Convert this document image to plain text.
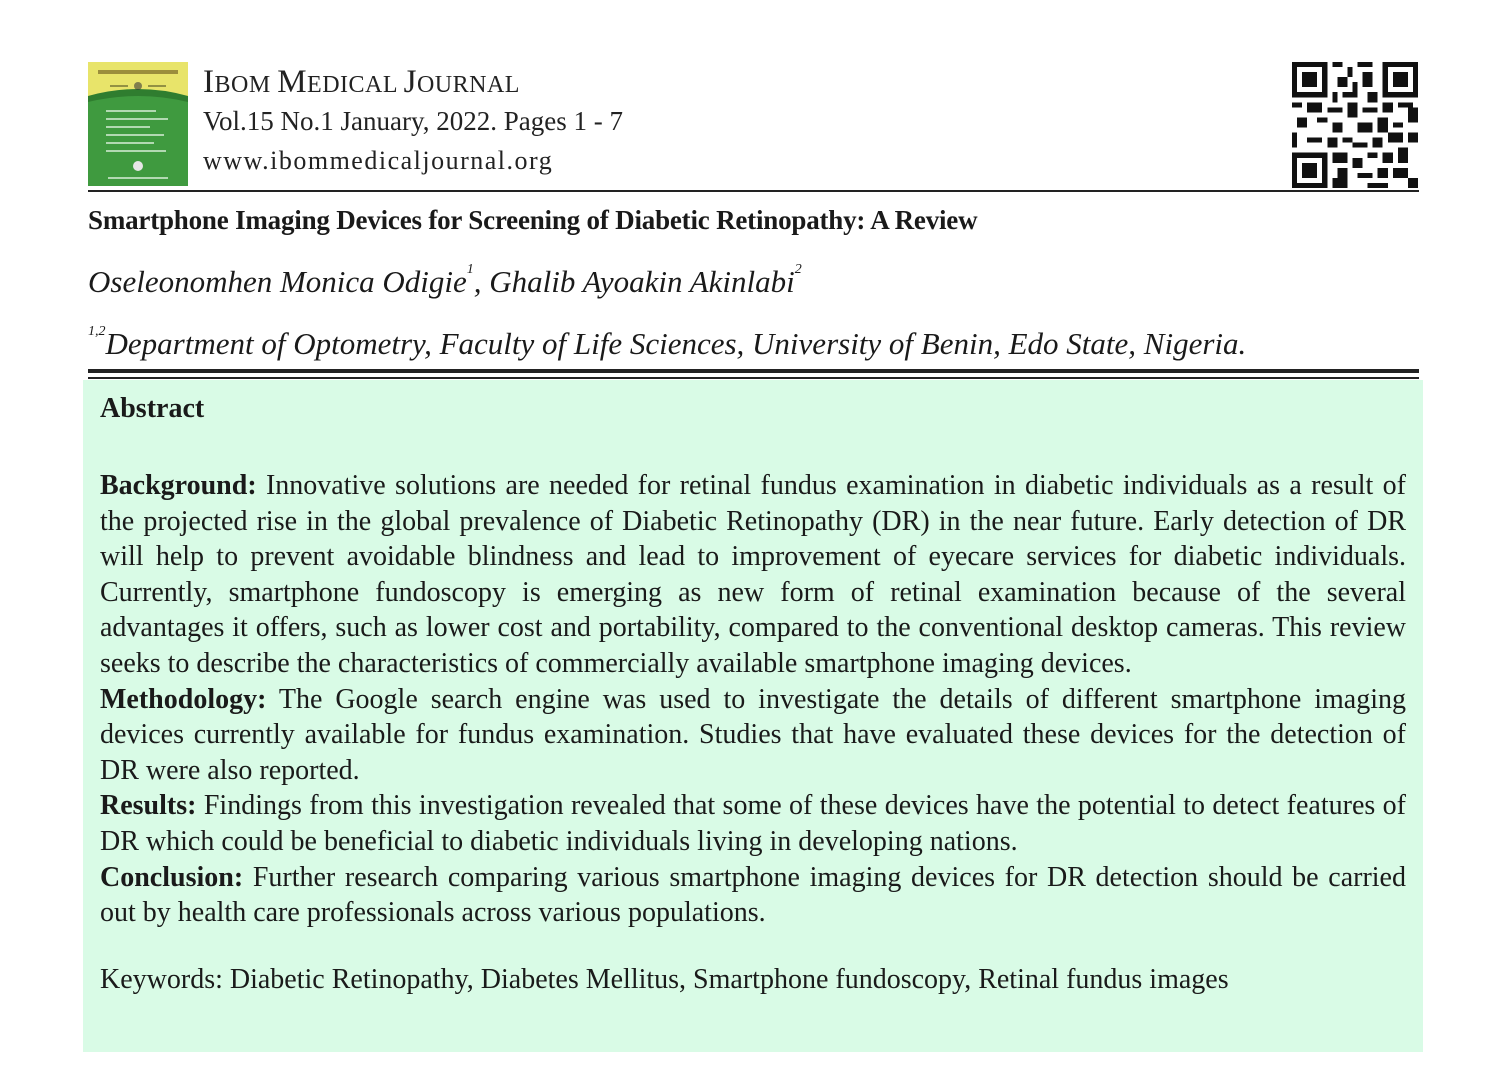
IBOM MEDICAL JOURNAL
Vol.15 No.1 January, 2022. Pages 1 - 7
www.ibommedicaljournal.org
Smartphone Imaging Devices for Screening of Diabetic Retinopathy: A Review
Oseleonomhen Monica Odigie$^1$, Ghalib Ayoakin Akinlabi$^2$
$^{1,2}$Department of Optometry, Faculty of Life Sciences, University of Benin, Edo State, Nigeria.
Abstract

Background: Innovative solutions are needed for retinal fundus examination in diabetic individuals as a result of the projected rise in the global prevalence of Diabetic Retinopathy (DR) in the near future. Early detection of DR will help to prevent avoidable blindness and lead to improvement of eyecare services for diabetic individuals. Currently, smartphone fundoscopy is emerging as new form of retinal examination because of the several advantages it offers, such as lower cost and portability, compared to the conventional desktop cameras. This review seeks to describe the characteristics of commercially available smartphone imaging devices.

Methodology: The Google search engine was used to investigate the details of different smartphone imaging devices currently available for fundus examination. Studies that have evaluated these devices for the detection of DR were also reported.

Results: Findings from this investigation revealed that some of these devices have the potential to detect features of DR which could be beneficial to diabetic individuals living in developing nations.

Conclusion: Further research comparing various smartphone imaging devices for DR detection should be carried out by health care professionals across various populations.

Keywords: Diabetic Retinopathy, Diabetes Mellitus, Smartphone fundoscopy, Retinal fundus images
